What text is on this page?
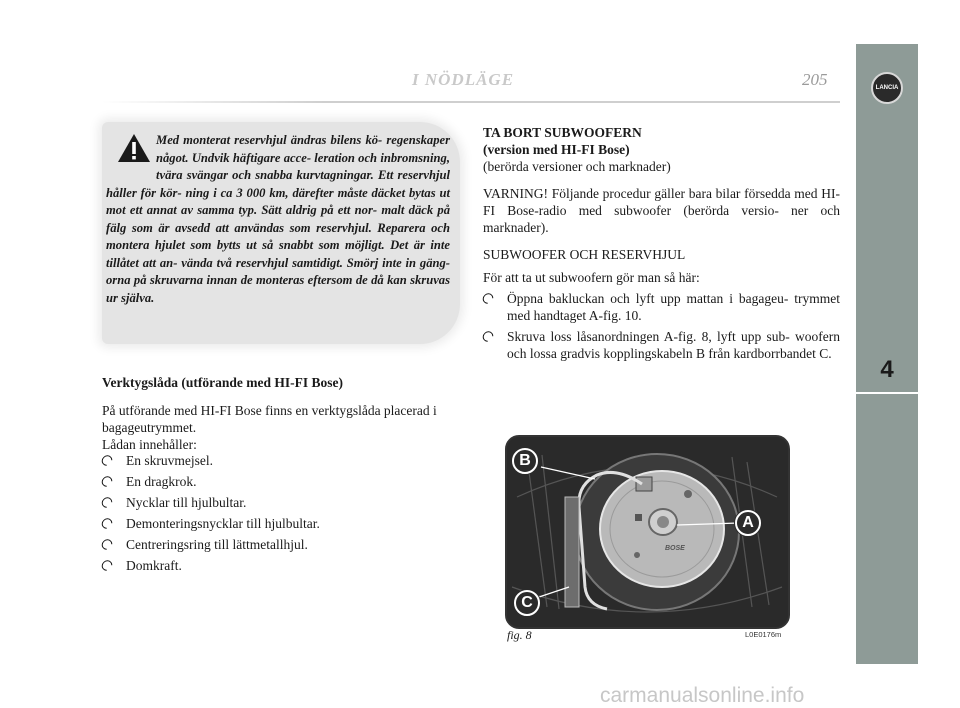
I NÖDLÄGE	205	LANCIA
4
Med monterat reservhjul ändras bilens kö- regenskaper något. Undvik häftigare acce- leration och inbromsning, tvära svängar och snabba kurvtagningar. Ett reservhjul håller för kör- ning i ca 3 000 km, därefter måste däcket bytas ut mot ett annat av samma typ. Sätt aldrig på ett nor- malt däck på fälg som är avsedd att användas som reservhjul. Reparera och montera hjulet som bytts ut så snabbt som möjligt. Det är inte tillåtet att an- vända två reservhjul samtidigt. Smörj inte in gäng- orna på skruvarna innan de monteras eftersom de då kan skruvas ur själva.
Verktygslåda (utförande med HI-FI Bose)
På utförande med HI-FI Bose finns en verktygslåda placerad i bagageutrymmet.
Lådan innehåller:
En skruvmejsel.
En dragkrok.
Nycklar till hjulbultar.
Demonteringsnycklar till hjulbultar.
Centreringsring till lättmetallhjul.
Domkraft.

TA BORT SUBWOOFERN

(version med HI-FI Bose)

(berörda versioner och marknader)

VARNING! Följande procedur gäller bara bilar försedda med HI-FI Bose-radio med subwoofer (berörda versio- ner och marknader).

SUBWOOFER OCH RESERVHJUL

För att ta ut subwoofern gör man så här:

Öppna bakluckan och lyft upp mattan i bagageu- trymmet med handtaget A-fig. 10.
Skruva loss låsanordningen A-fig. 8, lyft upp sub- woofern och lossa gradvis kopplingskabeln B från kardborrbandet C.
BOSE
B
A
C
fig. 8	L0E0176m
carmanualsonline.info
